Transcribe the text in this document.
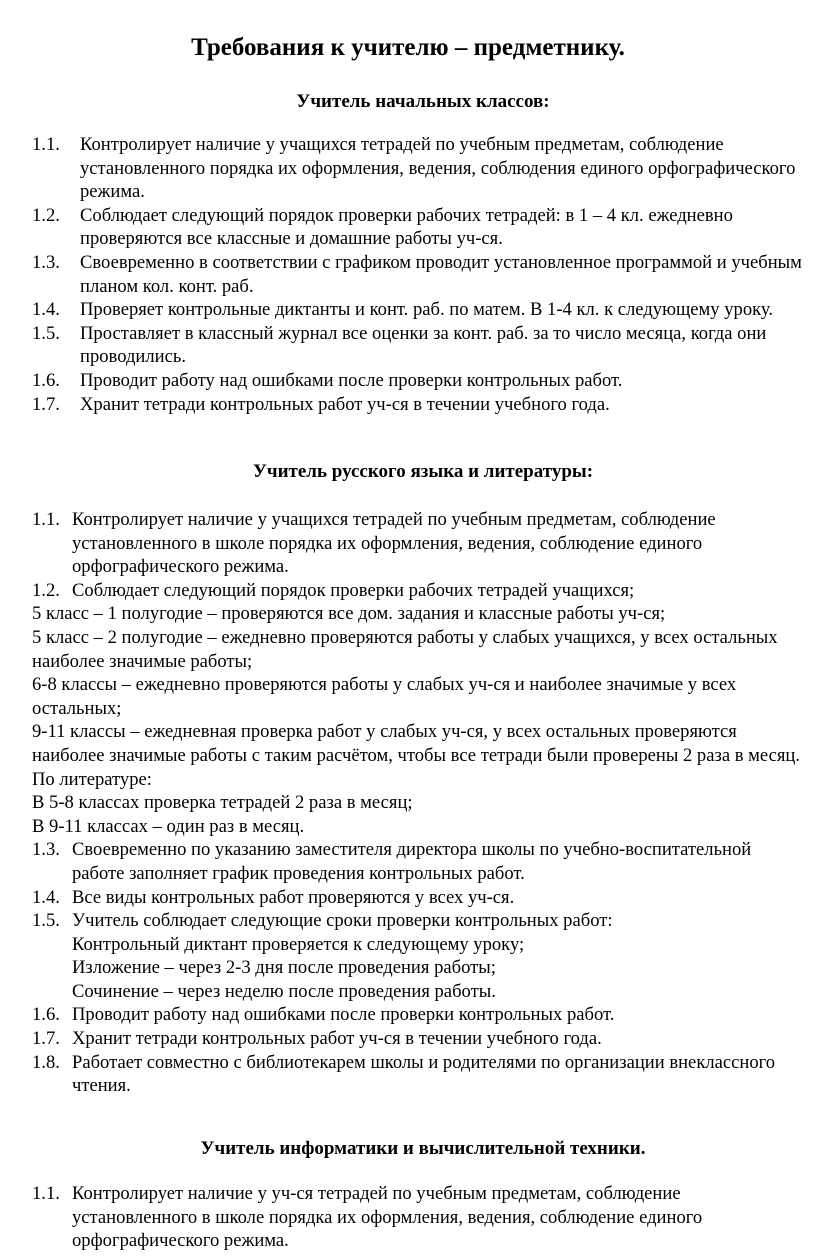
Требования к учителю – предметнику.
Учитель начальных классов:
1.1.	Контролирует наличие у учащихся тетрадей по учебным предметам, соблюдение установленного порядка их оформления, ведения, соблюдения единого орфографического режима.
1.2.	Соблюдает следующий порядок проверки рабочих тетрадей: в 1 – 4 кл. ежедневно проверяются все классные и домашние работы уч-ся.
1.3.	Своевременно в соответствии с графиком проводит установленное программой и учебным планом кол. конт. раб.
1.4.	Проверяет контрольные диктанты и конт. раб. по матем. В 1-4 кл. к следующему уроку.
1.5.	Проставляет в классный журнал все оценки за конт. раб. за то число месяца, когда они проводились.
1.6.	Проводит работу над ошибками после проверки контрольных работ.
1.7.	Хранит тетради контрольных работ уч-ся в течении учебного года.
Учитель русского языка и литературы:
1.1. Контролирует наличие у учащихся тетрадей по учебным предметам, соблюдение установленного в школе порядка их оформления, ведения, соблюдение единого орфографического режима.
1.2. Соблюдает следующий порядок проверки рабочих тетрадей учащихся;
5 класс – 1 полугодие – проверяются все дом. задания и классные работы уч-ся;
5 класс – 2 полугодие – ежедневно проверяются работы у слабых учащихся, у всех остальных наиболее значимые работы;
6-8 классы – ежедневно проверяются работы у слабых уч-ся и наиболее значимые у всех остальных;
9-11 классы – ежедневная проверка работ у слабых уч-ся, у всех остальных проверяются наиболее значимые работы с таким расчётом, чтобы все тетради были проверены 2 раза в месяц.
По литературе:
В 5-8 классах проверка тетрадей 2 раза в месяц;
В 9-11 классах – один раз в месяц.
1.3. Своевременно по указанию заместителя директора школы по учебно-воспитательной работе заполняет график проведения контрольных работ.
1.4. Все виды контрольных работ проверяются у всех уч-ся.
1.5. Учитель соблюдает следующие сроки проверки контрольных работ:
Контрольный диктант проверяется к следующему уроку;
Изложение – через 2-3 дня после проведения работы;
Сочинение – через неделю после проведения работы.
1.6. Проводит работу над ошибками после проверки контрольных работ.
1.7. Хранит тетради контрольных работ уч-ся в течении учебного года.
1.8. Работает совместно с библиотекарем школы и родителями по организации внеклассного чтения.
Учитель информатики и вычислительной техники.
1.1. Контролирует наличие у уч-ся тетрадей по учебным предметам, соблюдение установленного в школе порядка их оформления, ведения, соблюдение единого орфографического режима.
